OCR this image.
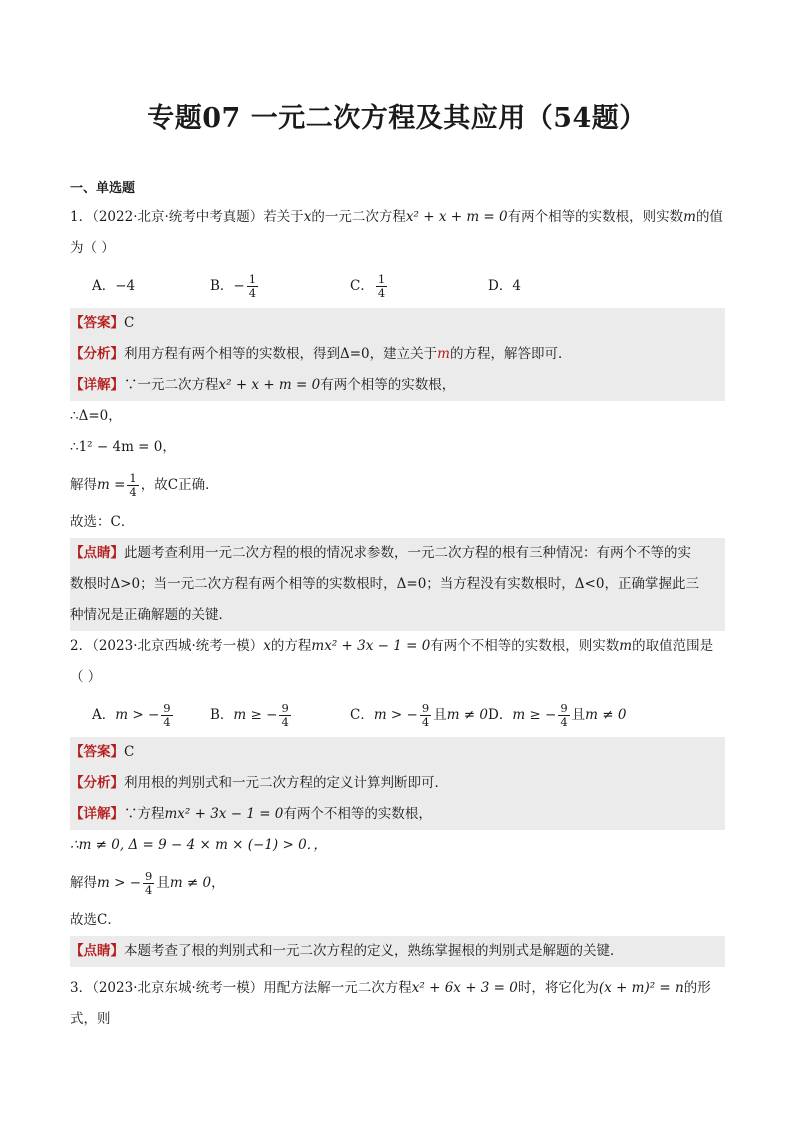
专题07 一元二次方程及其应用（54题）
一、单选题
1．（2022·北京·统考中考真题）若关于x的一元二次方程x² + x + m = 0有两个相等的实数根，则实数m的值
为（ ）
A．−4	B．− $\frac{1}{4}$	C． $\frac{1}{4}$	D．4
【答案】C
【分析】利用方程有两个相等的实数根，得到Δ=0，建立关于m的方程，解答即可．
【详解】∵一元二次方程x² + x + m = 0有两个相等的实数根，
∴Δ=0，
∴1² − 4m = 0，
解得$m = \frac{1}{4}$ ，故C正确．
故选：C．
【点睛】此题考查利用一元二次方程的根的情况求参数，一元二次方程的根有三种情况：有两个不等的实
数根时Δ>0；当一元二次方程有两个相等的实数根时，Δ=0；当方程没有实数根时，Δ<0，正确掌握此三
种情况是正确解题的关键．
2．（2023·北京西城·统考一模）x的方程mx² + 3x − 1 = 0有两个不相等的实数根，则实数m的取值范围是
（ ）
A． m > − $\frac{9}{4}$	B． m ≥ − $\frac{9}{4}$	C． m > − $\frac{9}{4}$ 且 m ≠ 0 D． m ≥ − $\frac{9}{4}$ 且 m ≠ 0
【答案】C
【分析】利用根的判别式和一元二次方程的定义计算判断即可．
【详解】∵方程mx² + 3x − 1 = 0有两个不相等的实数根，
∴m ≠ 0, Δ = 9 − 4 × m × (−1) > 0．，
解得m > − $\frac{9}{4}$ 且m ≠ 0，
故选C．
【点睛】本题考查了根的判别式和一元二次方程的定义，熟练掌握根的判别式是解题的关键．
3．（2023·北京东城·统考一模）用配方法解一元二次方程x² + 6x + 3 = 0时，将它化为(x + m)² = n的形式，则
